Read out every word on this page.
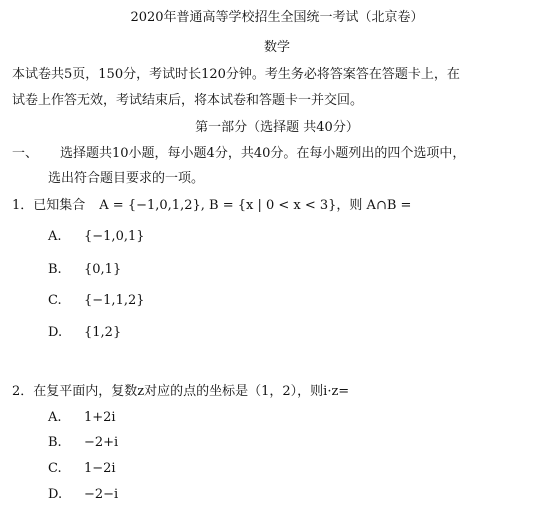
2020年普通高等学校招生全国统一考试（北京卷）
数学
本试卷共5页，150分，考试时长120分钟。考生务必将答案答在答题卡上，在
试卷上作答无效，考试结束后，将本试卷和答题卡一并交回。
第一部分（选择题 共40分）
一、 选择题共10小题，每小题4分，共40分。在每小题列出的四个选项中，
选出符合题目要求的一项。
1．已知集合 A = {−1,0,1,2}, B = {x | 0 < x < 3}，则 A∩B =
A. {−1,0,1}
B. {0,1}
C. {−1,1,2}
D. {1,2}
2．在复平面内，复数z对应的点的坐标是（1，2），则i·z=
A. 1+2i
B. −2+i
C. 1−2i
D. −2−i
